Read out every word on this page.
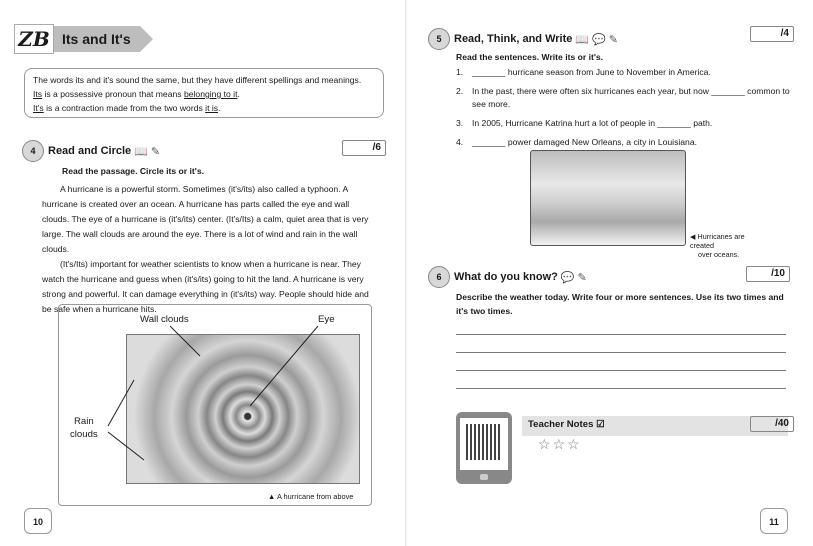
ZB Its and It's
The words its and it's sound the same, but they have different spellings and meanings.
Its is a possessive pronoun that means belonging to it.
It's is a contraction made from the two words it is.
4	Read and Circle 📖 ✎	/6
Read the passage. Circle its or it's.

A hurricane is a powerful storm. Sometimes (it's/its) also called a typhoon. A hurricane is created over an ocean. A hurricane has parts called the eye and wall clouds. The eye of a hurricane is (it's/its) center. (It's/Its) a calm, quiet area that is very large. The wall clouds are around the eye. There is a lot of wind and rain in the wall clouds.

(It's/Its) important for weather scientists to know when a hurricane is near. They watch the hurricane and guess when (it's/its) going to hit the land. A hurricane is very strong and powerful. It can damage everything in (it's/its) way. People should hide and be safe when a hurricane hits.

Wall clouds	Eye
Rain
clouds
▲ A hurricane from above
10
5	Read, Think, and Write 📖 💬 ✎	/4
Read the sentences. Write its or it's.
1.	_______ hurricane season from June to November in America.
2.	In the past, there were often six hurricanes each year, but now _______ common to see more.
3.	In 2005, Hurricane Katrina hurt a lot of people in _______ path.
4.	_______ power damaged New Orleans, a city in Louisiana.
◀ Hurricanes are created
over oceans.
6	What do you know? 💬 ✎	/10
Describe the weather today. Write four or more sentences. Use its two times and
it's two times.
Teacher Notes ☑	/40
☆☆☆
11
